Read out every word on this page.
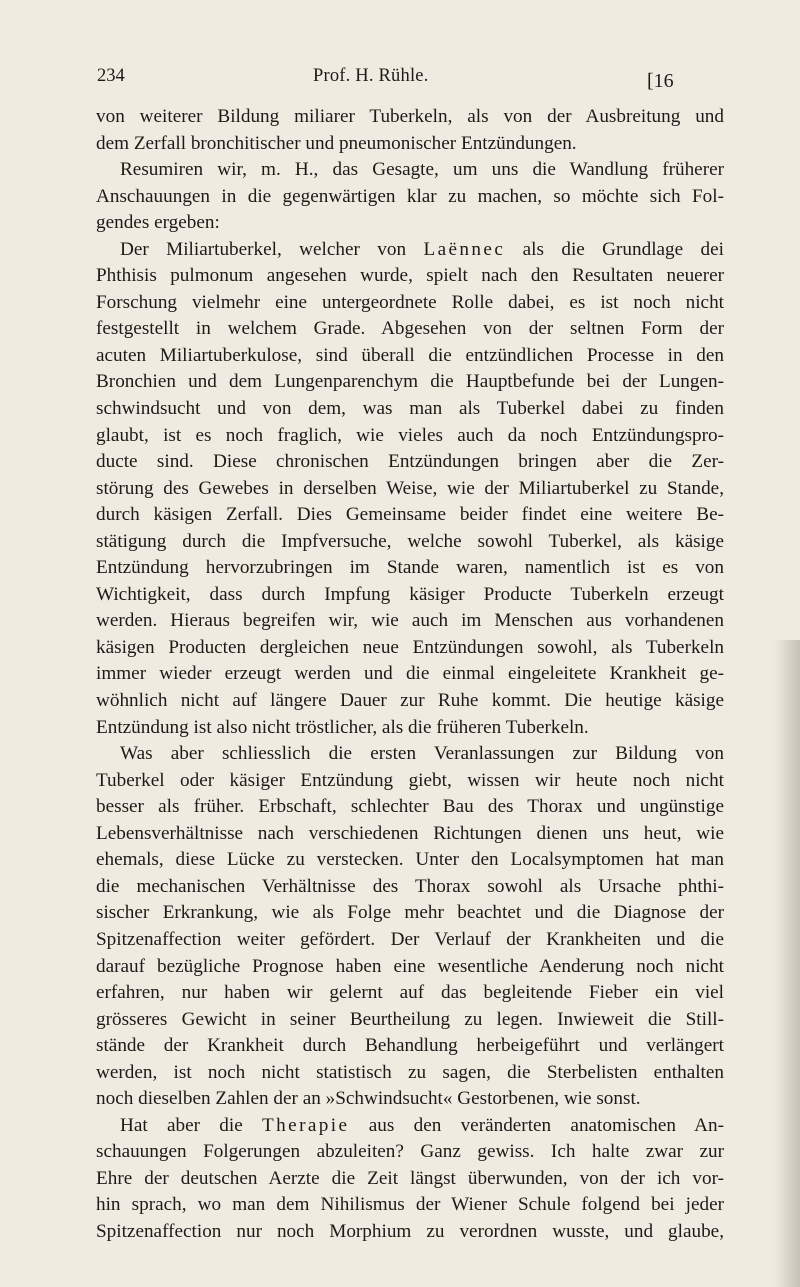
234	Prof. H. Rühle.	[16
von weiterer Bildung miliarer Tuberkeln, als von der Ausbreitung und
dem Zerfall bronchitischer und pneumonischer Entzündungen.
Resumiren wir, m. H., das Gesagte, um uns die Wandlung früherer
Anschauungen in die gegenwärtigen klar zu machen, so möchte sich Fol-
gendes ergeben:
Der Miliartuberkel, welcher von Laënnec als die Grundlage dei
Phthisis pulmonum angesehen wurde, spielt nach den Resultaten neuerer
Forschung vielmehr eine untergeordnete Rolle dabei, es ist noch nicht
festgestellt in welchem Grade. Abgesehen von der seltnen Form der
acuten Miliartuberkulose, sind überall die entzündlichen Processe in den
Bronchien und dem Lungenparenchym die Hauptbefunde bei der Lungen-
schwindsucht und von dem, was man als Tuberkel dabei zu finden
glaubt, ist es noch fraglich, wie vieles auch da noch Entzündungspro-
ducte sind. Diese chronischen Entzündungen bringen aber die Zer-
störung des Gewebes in derselben Weise, wie der Miliartuberkel zu Stande,
durch käsigen Zerfall. Dies Gemeinsame beider findet eine weitere Be-
stätigung durch die Impfversuche, welche sowohl Tuberkel, als käsige
Entzündung hervorzubringen im Stande waren, namentlich ist es von
Wichtigkeit, dass durch Impfung käsiger Producte Tuberkeln erzeugt
werden. Hieraus begreifen wir, wie auch im Menschen aus vorhandenen
käsigen Producten dergleichen neue Entzündungen sowohl, als Tuberkeln
immer wieder erzeugt werden und die einmal eingeleitete Krankheit ge-
wöhnlich nicht auf längere Dauer zur Ruhe kommt. Die heutige käsige
Entzündung ist also nicht tröstlicher, als die früheren Tuberkeln.
Was aber schliesslich die ersten Veranlassungen zur Bildung von
Tuberkel oder käsiger Entzündung giebt, wissen wir heute noch nicht
besser als früher. Erbschaft, schlechter Bau des Thorax und ungünstige
Lebensverhältnisse nach verschiedenen Richtungen dienen uns heut, wie
ehemals, diese Lücke zu verstecken. Unter den Localsymptomen hat man
die mechanischen Verhältnisse des Thorax sowohl als Ursache phthi-
sischer Erkrankung, wie als Folge mehr beachtet und die Diagnose der
Spitzenaffection weiter gefördert. Der Verlauf der Krankheiten und die
darauf bezügliche Prognose haben eine wesentliche Aenderung noch nicht
erfahren, nur haben wir gelernt auf das begleitende Fieber ein viel
grösseres Gewicht in seiner Beurtheilung zu legen. Inwieweit die Still-
stände der Krankheit durch Behandlung herbeigeführt und verlängert
werden, ist noch nicht statistisch zu sagen, die Sterbelisten enthalten
noch dieselben Zahlen der an »Schwindsucht« Gestorbenen, wie sonst.
Hat aber die Therapie aus den veränderten anatomischen An-
schauungen Folgerungen abzuleiten? Ganz gewiss. Ich halte zwar zur
Ehre der deutschen Aerzte die Zeit längst überwunden, von der ich vor-
hin sprach, wo man dem Nihilismus der Wiener Schule folgend bei jeder
Spitzenaffection nur noch Morphium zu verordnen wusste, und glaube,
